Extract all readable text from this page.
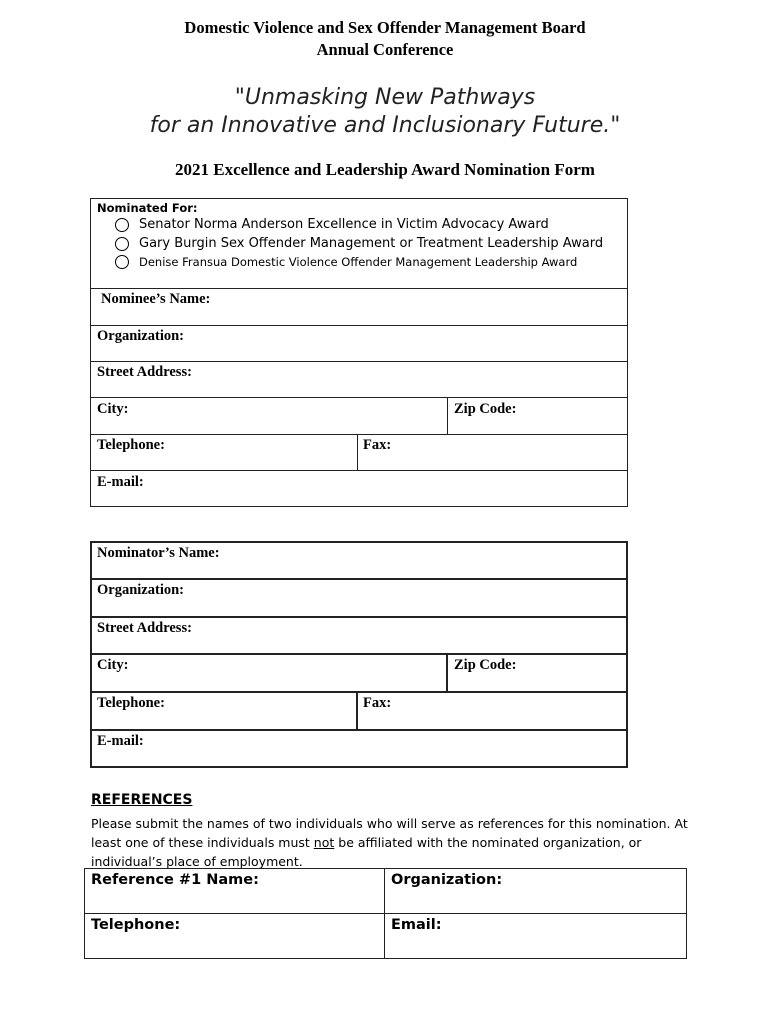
Domestic Violence and Sex Offender Management Board
Annual Conference
"Unmasking New Pathways
for an Innovative and Inclusionary Future."
2021 Excellence and Leadership Award Nomination Form
Nominated For:
Senator Norma Anderson Excellence in Victim Advocacy Award
Gary Burgin Sex Offender Management or Treatment Leadership Award
Denise Fransua Domestic Violence Offender Management Leadership Award
Nominee’s Name:
Organization:
Street Address:
City:	Zip Code:
Telephone:	Fax:
E-mail:
Nominator’s Name:
Organization:
Street Address:
City:	Zip Code:
Telephone:	Fax:
E-mail:
REFERENCES
Please submit the names of two individuals who will serve as references for this nomination. At
least one of these individuals must not be affiliated with the nominated organization, or
individual’s place of employment.
Reference #1 Name:	Organization:
Telephone:	Email:
